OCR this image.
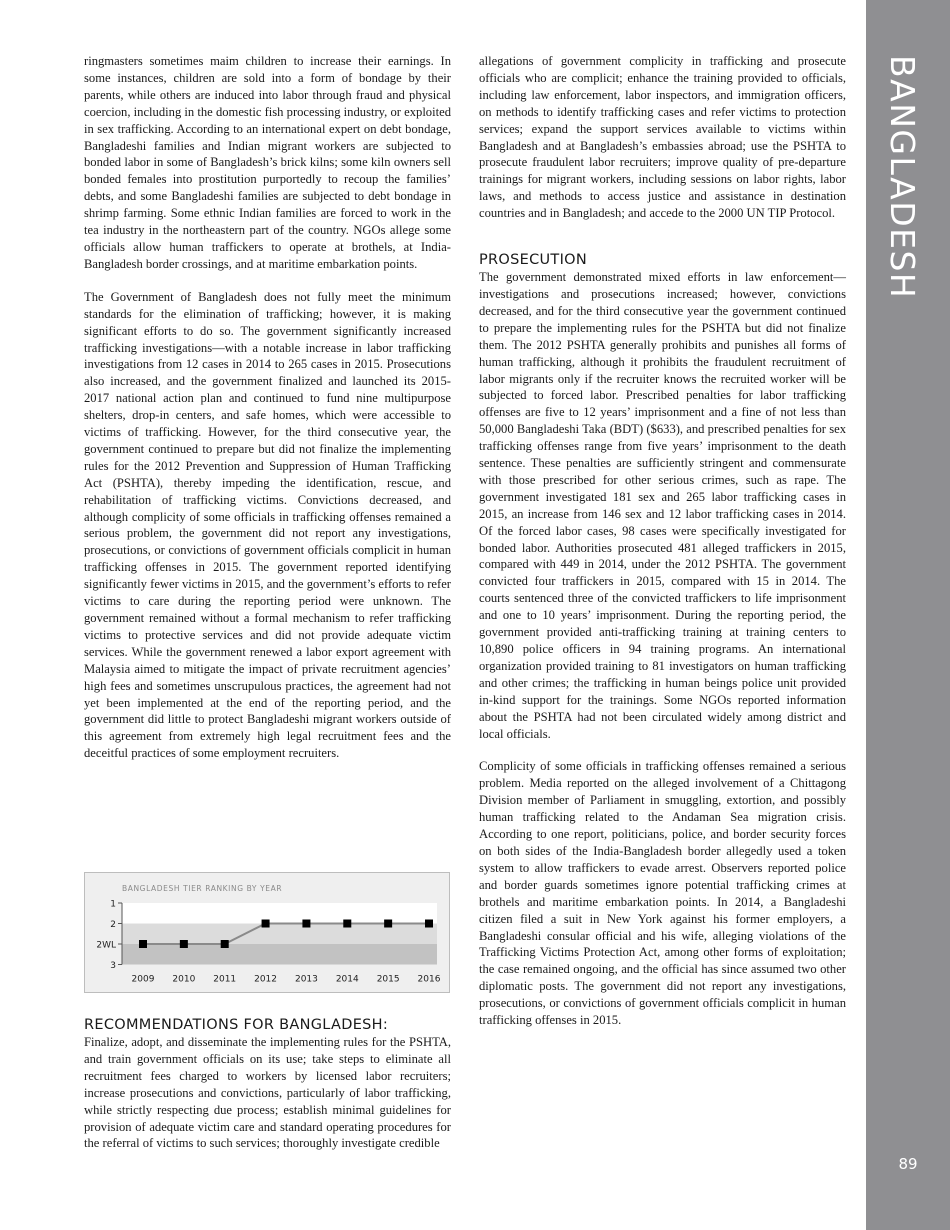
BANGLADESH
89

ringmasters sometimes maim children to increase their earnings. In some instances, children are sold into a form of bondage by their parents, while others are induced into labor through fraud and physical coercion, including in the domestic fish processing industry, or exploited in sex trafficking. According to an international expert on debt bondage, Bangladeshi families and Indian migrant workers are subjected to bonded labor in some of Bangladesh’s brick kilns; some kiln owners sell bonded females into prostitution purportedly to recoup the families’ debts, and some Bangladeshi families are subjected to debt bondage in shrimp farming. Some ethnic Indian families are forced to work in the tea industry in the northeastern part of the country. NGOs allege some officials allow human traffickers to operate at brothels, at India-Bangladesh border crossings, and at maritime embarkation points.

The Government of Bangladesh does not fully meet the minimum standards for the elimination of trafficking; however, it is making significant efforts to do so. The government significantly increased trafficking investigations—with a notable increase in labor trafficking investigations from 12 cases in 2014 to 265 cases in 2015. Prosecutions also increased, and the government finalized and launched its 2015-2017 national action plan and continued to fund nine multipurpose shelters, drop-in centers, and safe homes, which were accessible to victims of trafficking. However, for the third consecutive year, the government continued to prepare but did not finalize the implementing rules for the 2012 Prevention and Suppression of Human Trafficking Act (PSHTA), thereby impeding the identification, rescue, and rehabilitation of trafficking victims. Convictions decreased, and although complicity of some officials in trafficking offenses remained a serious problem, the government did not report any investigations, prosecutions, or convictions of government officials complicit in human trafficking offenses in 2015. The government reported identifying significantly fewer victims in 2015, and the government’s efforts to refer victims to care during the reporting period were unknown. The government remained without a formal mechanism to refer trafficking victims to protective services and did not provide adequate victim services. While the government renewed a labor export agreement with Malaysia aimed to mitigate the impact of private recruitment agencies’ high fees and sometimes unscrupulous practices, the agreement had not yet been implemented at the end of the reporting period, and the government did little to protect Bangladeshi migrant workers outside of this agreement from extremely high legal recruitment fees and the deceitful practices of some employment recruiters.

BANGLADESH TIER RANKING BY YEAR
1
2
2WL
3
2009 2010 2011 2012 2013 2014 2015 2016
RECOMMENDATIONS FOR BANGLADESH:

Finalize, adopt, and disseminate the implementing rules for the PSHTA, and train government officials on its use; take steps to eliminate all recruitment fees charged to workers by licensed labor recruiters; increase prosecutions and convictions, particularly of labor trafficking, while strictly respecting due process; establish minimal guidelines for provision of adequate victim care and standard operating procedures for the referral of victims to such services; thoroughly investigate credible

allegations of government complicity in trafficking and prosecute officials who are complicit; enhance the training provided to officials, including law enforcement, labor inspectors, and immigration officers, on methods to identify trafficking cases and refer victims to protection services; expand the support services available to victims within Bangladesh and at Bangladesh’s embassies abroad; use the PSHTA to prosecute fraudulent labor recruiters; improve quality of pre-departure trainings for migrant workers, including sessions on labor rights, labor laws, and methods to access justice and assistance in destination countries and in Bangladesh; and accede to the 2000 UN TIP Protocol.

PROSECUTION

The government demonstrated mixed efforts in law enforcement—investigations and prosecutions increased; however, convictions decreased, and for the third consecutive year the government continued to prepare the implementing rules for the PSHTA but did not finalize them. The 2012 PSHTA generally prohibits and punishes all forms of human trafficking, although it prohibits the fraudulent recruitment of labor migrants only if the recruiter knows the recruited worker will be subjected to forced labor. Prescribed penalties for labor trafficking offenses are five to 12 years’ imprisonment and a fine of not less than 50,000 Bangladeshi Taka (BDT) ($633), and prescribed penalties for sex trafficking offenses range from five years’ imprisonment to the death sentence. These penalties are sufficiently stringent and commensurate with those prescribed for other serious crimes, such as rape. The government investigated 181 sex and 265 labor trafficking cases in 2015, an increase from 146 sex and 12 labor trafficking cases in 2014. Of the forced labor cases, 98 cases were specifically investigated for bonded labor. Authorities prosecuted 481 alleged traffickers in 2015, compared with 449 in 2014, under the 2012 PSHTA. The government convicted four traffickers in 2015, compared with 15 in 2014. The courts sentenced three of the convicted traffickers to life imprisonment and one to 10 years’ imprisonment. During the reporting period, the government provided anti-trafficking training at training centers to 10,890 police officers in 94 training programs. An international organization provided training to 81 investigators on human trafficking and other crimes; the trafficking in human beings police unit provided in-kind support for the trainings. Some NGOs reported information about the PSHTA had not been circulated widely among district and local officials.

Complicity of some officials in trafficking offenses remained a serious problem. Media reported on the alleged involvement of a Chittagong Division member of Parliament in smuggling, extortion, and possibly human trafficking related to the Andaman Sea migration crisis. According to one report, politicians, police, and border security forces on both sides of the India-Bangladesh border allegedly used a token system to allow traffickers to evade arrest. Observers reported police and border guards sometimes ignore potential trafficking crimes at brothels and maritime embarkation points. In 2014, a Bangladeshi citizen filed a suit in New York against his former employers, a Bangladeshi consular official and his wife, alleging violations of the Trafficking Victims Protection Act, among other forms of exploitation; the case remained ongoing, and the official has since assumed two other diplomatic posts. The government did not report any investigations, prosecutions, or convictions of government officials complicit in human trafficking offenses in 2015.
